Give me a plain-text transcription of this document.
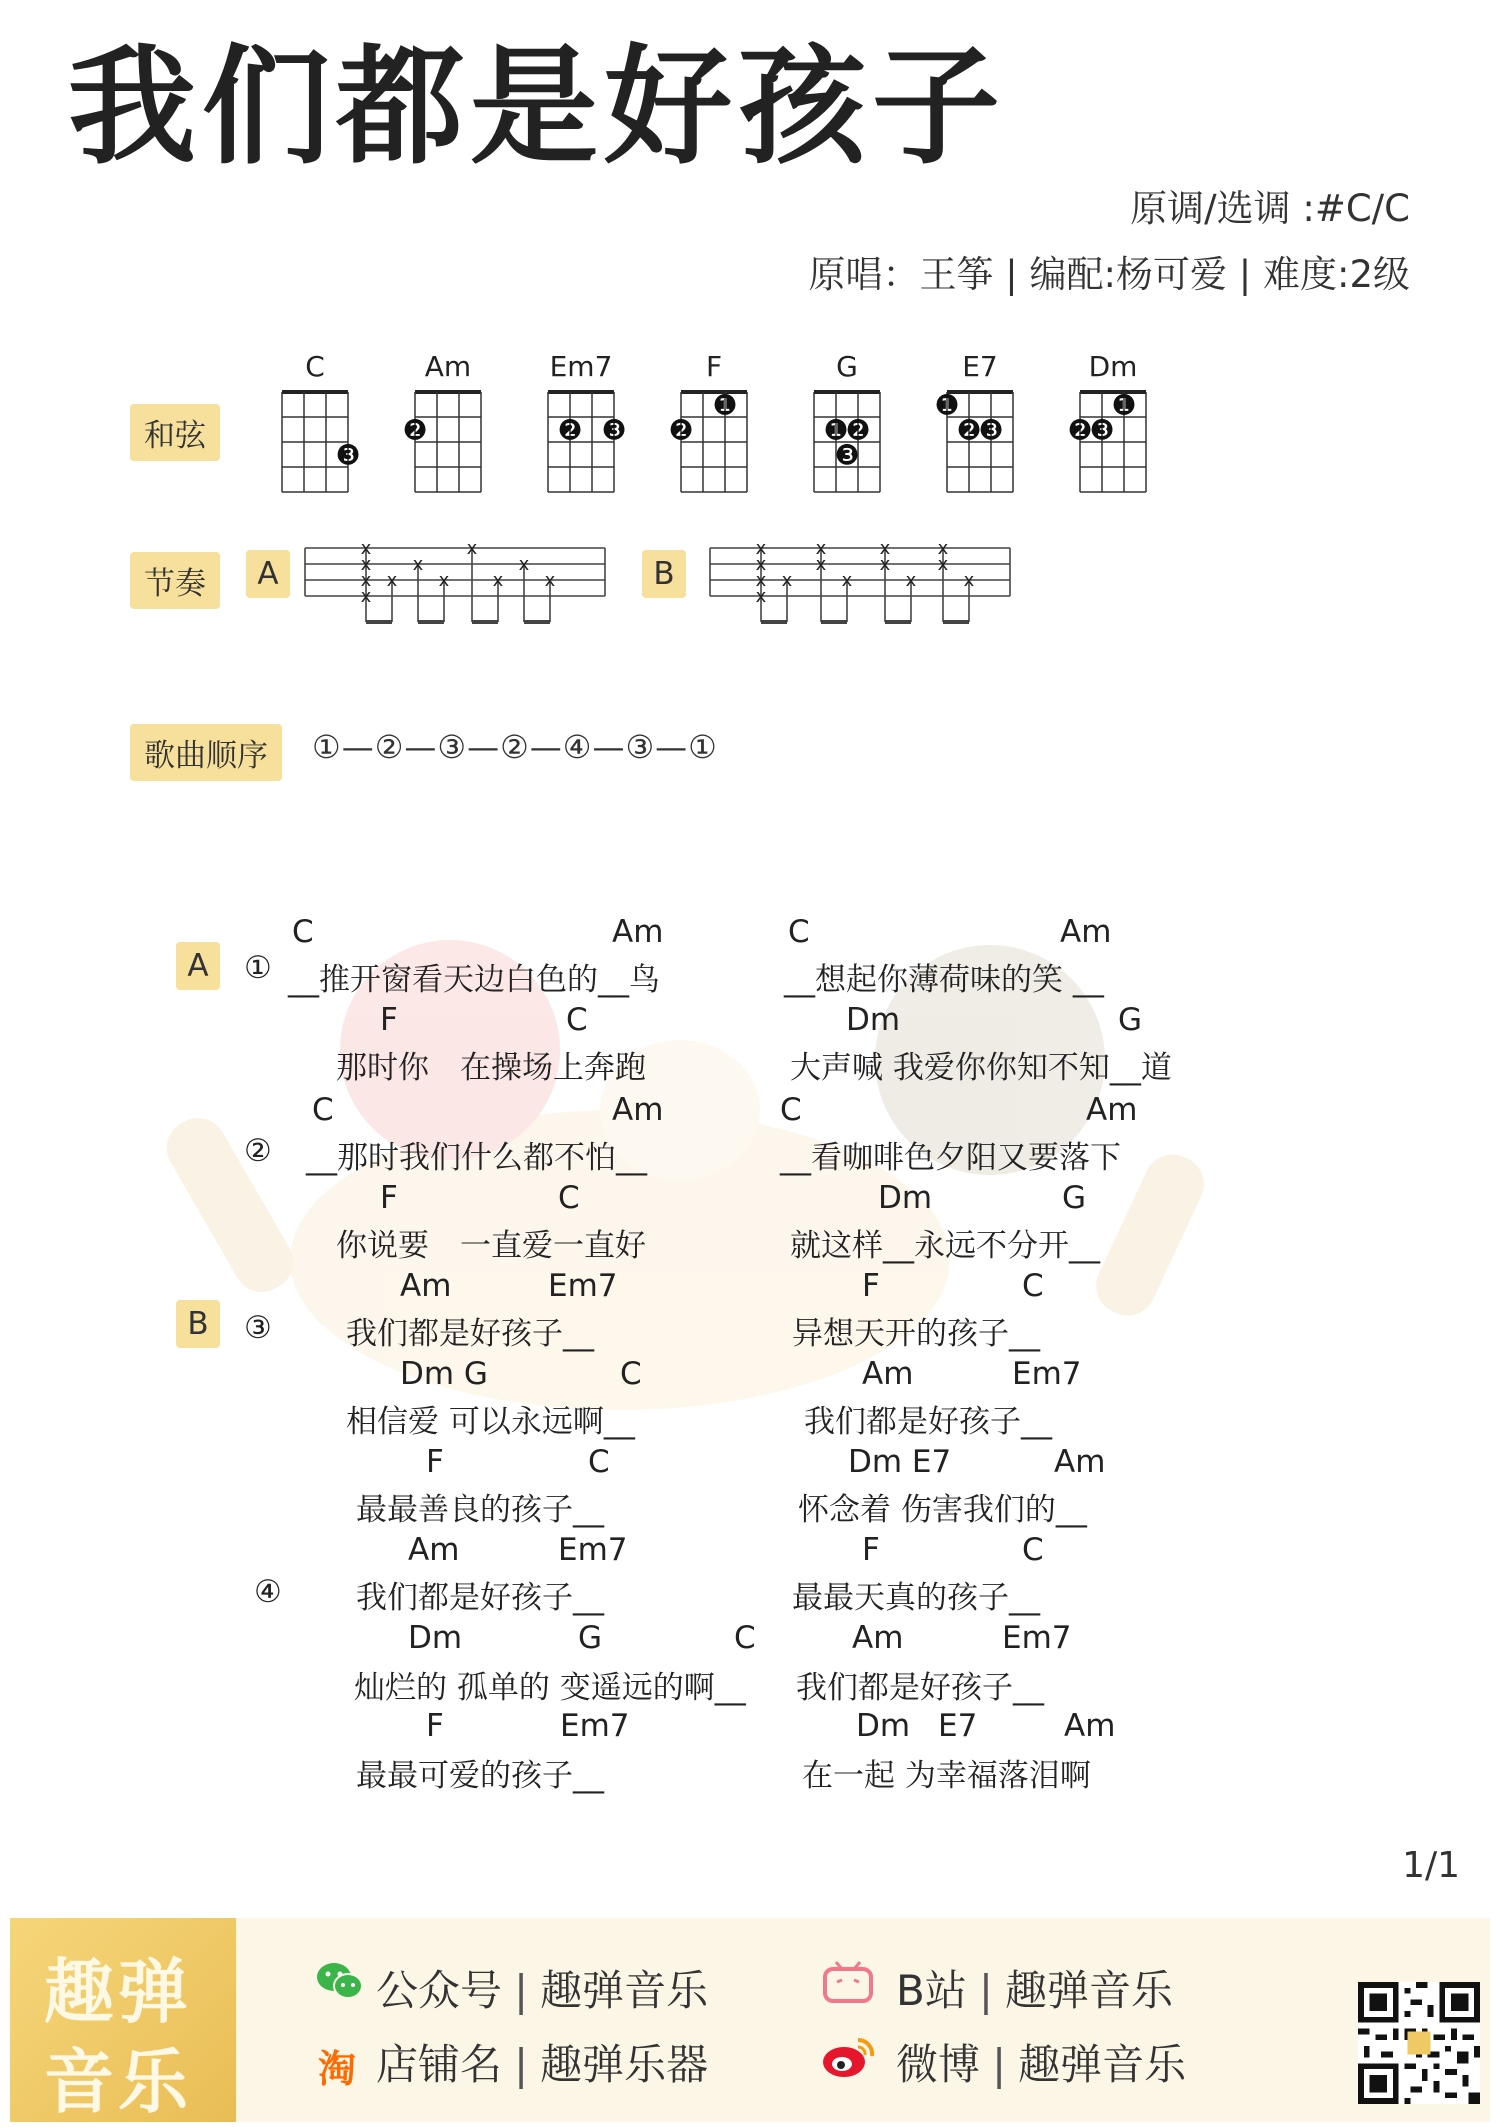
我们都是好孩子
原调/选调 :#C/C
原唱：王筝 | 编配:杨可爱 | 难度:2级
和弦
C
❸
Am
❷
Em7
❷ ❸
F
❷
❶
G
❶
❷
❸
E7
❶
❷
❸
Dm
❷
❸
❶
节奏	A	B
x
x
x
x
x
x
x
x
x
x
x
x
x
x
x
x
x
x
x
x
x
x
x
x
x
歌曲顺序	①—②—③—②—④—③—①
A
B
①
②
③
④
C	Am	C	Am
F	C	Dm	G
C	Am	C	Am
F	C	Dm	G
Am	Em7	F	C
Dm G	C	Am	Em7
F	C	Dm E7	Am
Am	Em7	F	C
Dm	G	C	Am	Em7
F	Em7	Dm E7	Am
__推开窗看天边白色的__鸟	__想起你薄荷味的笑 __
那时你　在操场上奔跑	大声喊 我爱你你知不知__道
__那时我们什么都不怕__	__看咖啡色夕阳又要落下
你说要　一直爱一直好	就这样__永远不分开__
我们都是好孩子__	异想天开的孩子__
相信爱 可以永远啊__	我们都是好孩子__
最最善良的孩子__	怀念着 伤害我们的__
我们都是好孩子__	最最天真的孩子__
灿烂的 孤单的 变遥远的啊__ 我们都是好孩子__
最最可爱的孩子__	在一起 为幸福落泪啊
1/1
趣弹
音乐
公众号 | 趣弹音乐
淘 店铺名 | 趣弹乐器
B站 | 趣弹音乐
微博 | 趣弹音乐
